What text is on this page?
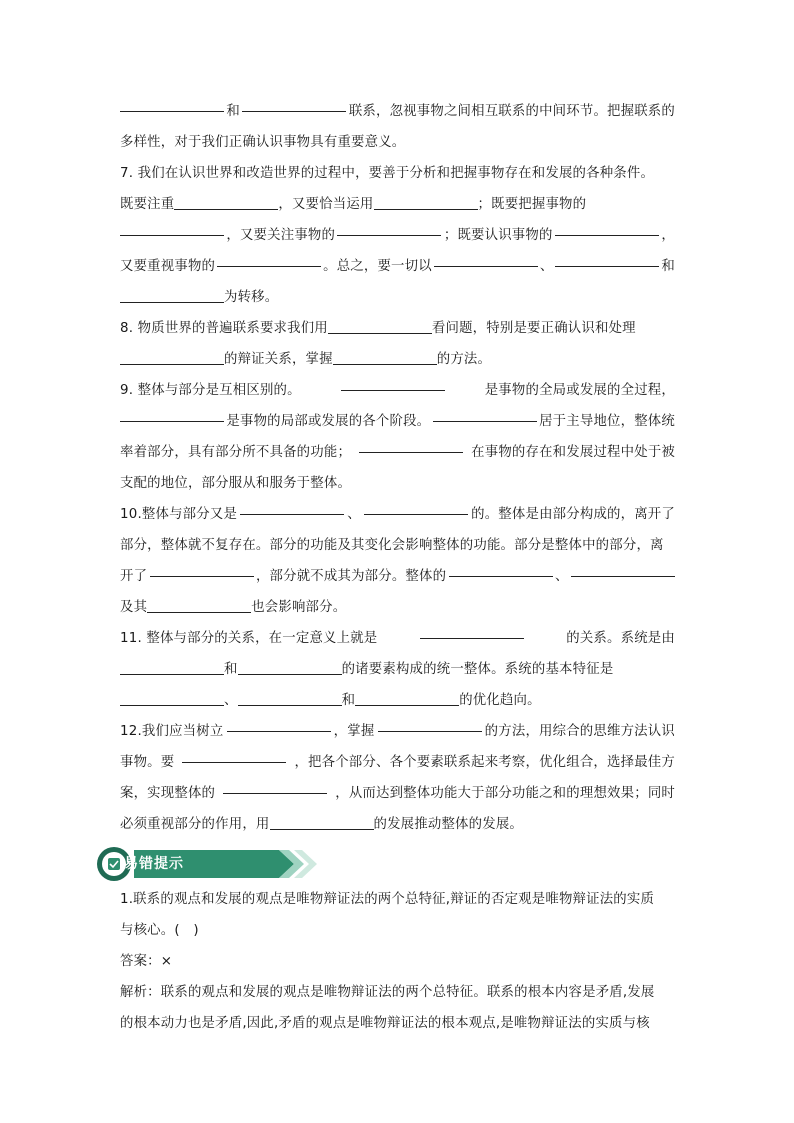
和	联系，忽视事物之间相互联系的中间环节。把握联系的
多样性，对于我们正确认识事物具有重要意义。
7. 我们在认识世界和改造世界的过程中，要善于分析和把握事物存在和发展的各种条件。
既要注重	，又要恰当运用	；既要把握事物的
，又要关注事物的	；既要认识事物的	，
又要重视事物的	。总之，要一切以	、	和
为转移。
8. 物质世界的普遍联系要求我们用	看问题，特别是要正确认识和处理
的辩证关系，掌握	的方法。
9. 整体与部分是互相区别的。	是事物的全局或发展的全过程，
是事物的局部或发展的各个阶段。	居于主导地位，整体统
率着部分，具有部分所不具备的功能；	在事物的存在和发展过程中处于被
支配的地位，部分服从和服务于整体。
10.整体与部分又是	、	的。整体是由部分构成的，离开了
部分，整体就不复存在。部分的功能及其变化会影响整体的功能。部分是整体中的部分，离
开了	，部分就不成其为部分。整体的	、
及其	也会影响部分。
11. 整体与部分的关系，在一定意义上就是	的关系。系统是由
和	的诸要素构成的统一整体。系统的基本特征是
、	和	的优化趋向。
12.我们应当树立	，掌握	的方法，用综合的思维方法认识
事物。要	，把各个部分、各个要素联系起来考察，优化组合，选择最佳方
案，实现整体的	，从而达到整体功能大于部分功能之和的理想效果；同时
必须重视部分的作用，用	的发展推动整体的发展。
易错提示
1.联系的观点和发展的观点是唯物辩证法的两个总特征,辩证的否定观是唯物辩证法的实质
与核心。(　)
答案：×
解析：联系的观点和发展的观点是唯物辩证法的两个总特征。联系的根本内容是矛盾,发展
的根本动力也是矛盾,因此,矛盾的观点是唯物辩证法的根本观点,是唯物辩证法的实质与核
